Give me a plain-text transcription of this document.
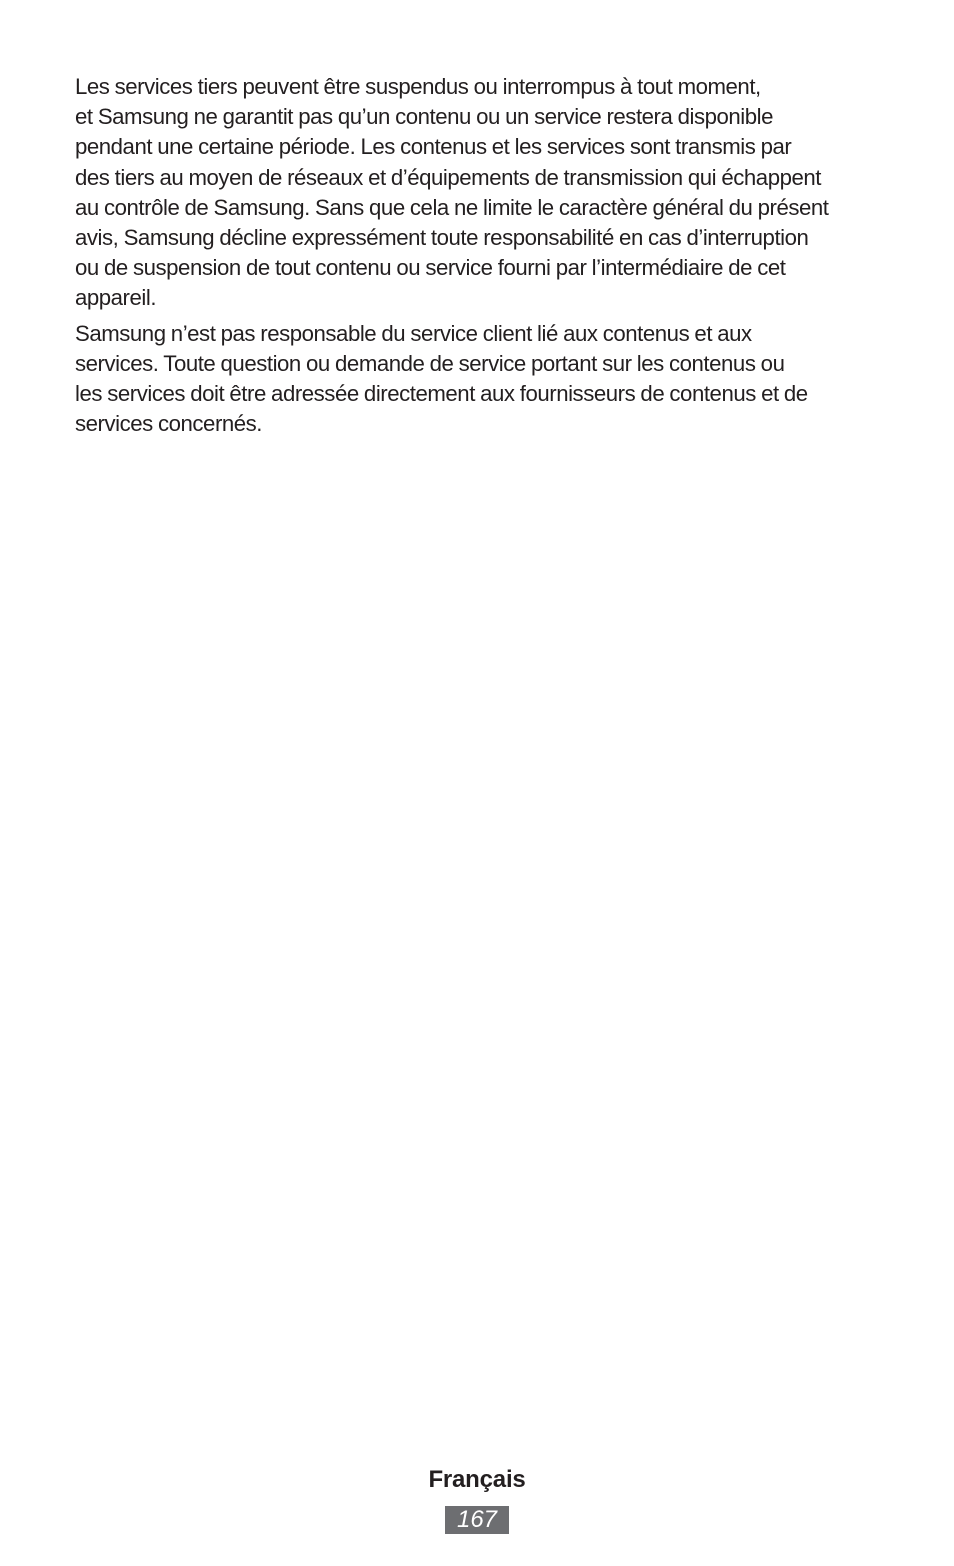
Les services tiers peuvent être suspendus ou interrompus à tout moment,
et Samsung ne garantit pas qu’un contenu ou un service restera disponible
pendant une certaine période. Les contenus et les services sont transmis par
des tiers au moyen de réseaux et d’équipements de transmission qui échappent
au contrôle de Samsung. Sans que cela ne limite le caractère général du présent
avis, Samsung décline expressément toute responsabilité en cas d’interruption
ou de suspension de tout contenu ou service fourni par l’intermédiaire de cet
appareil.

Samsung n’est pas responsable du service client lié aux contenus et aux
services. Toute question ou demande de service portant sur les contenus ou
les services doit être adressée directement aux fournisseurs de contenus et de
services concernés.

Français
167
